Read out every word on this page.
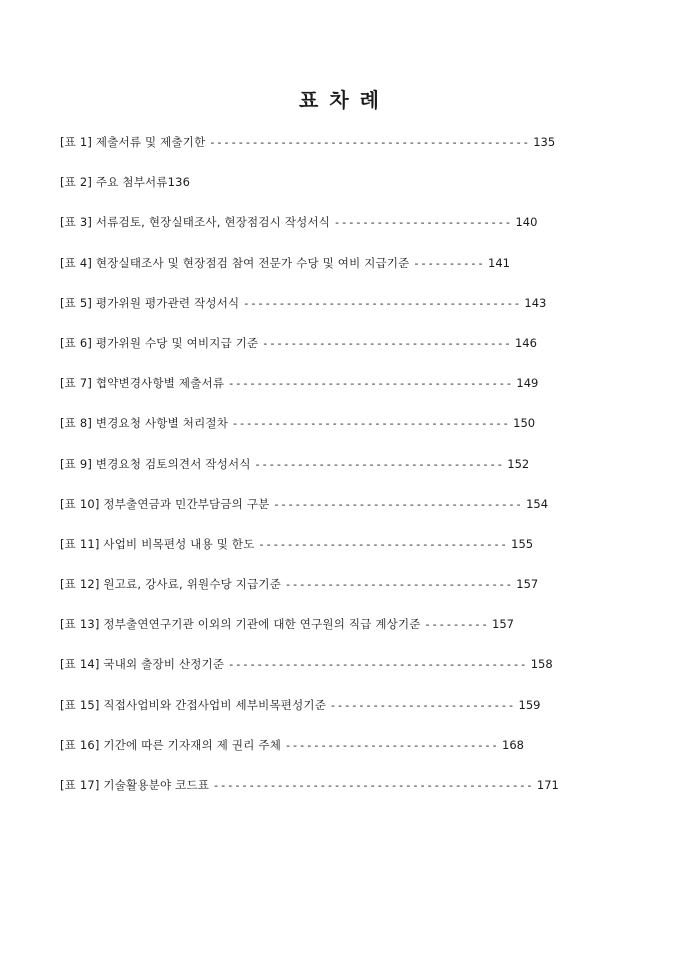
표 차 례
[표 1] 제출서류 및 제출기한 --------------------------------------------- 135
[표 2] 주요 첨부서류136
[표 3] 서류검토, 현장실태조사, 현장점검시 작성서식 ------------------------- 140
[표 4] 현장실태조사 및 현장점검 참여 전문가 수당 및 여비 지급기준 ---------- 141
[표 5] 평가위원 평가관련 작성서식 --------------------------------------- 143
[표 6] 평가위원 수당 및 여비지급 기준 ----------------------------------- 146
[표 7] 협약변경사항별 제출서류 ---------------------------------------- 149
[표 8] 변경요청 사항별 처리절차 --------------------------------------- 150
[표 9] 변경요청 검토의견서 작성서식 ----------------------------------- 152
[표 10] 정부출연금과 민간부담금의 구분 ----------------------------------- 154
[표 11] 사업비 비목편성 내용 및 한도 ----------------------------------- 155
[표 12] 원고료, 강사료, 위원수당 지급기준 -------------------------------- 157
[표 13] 정부출연연구기관 이외의 기관에 대한 연구원의 직급 계상기준 --------- 157
[표 14] 국내외 출장비 산정기준 ------------------------------------------ 158
[표 15] 직접사업비와 간접사업비 세부비목편성기준 -------------------------- 159
[표 16] 기간에 따른 기자재의 제 권리 주체 ------------------------------ 168
[표 17] 기술활용분야 코드표 --------------------------------------------- 171
